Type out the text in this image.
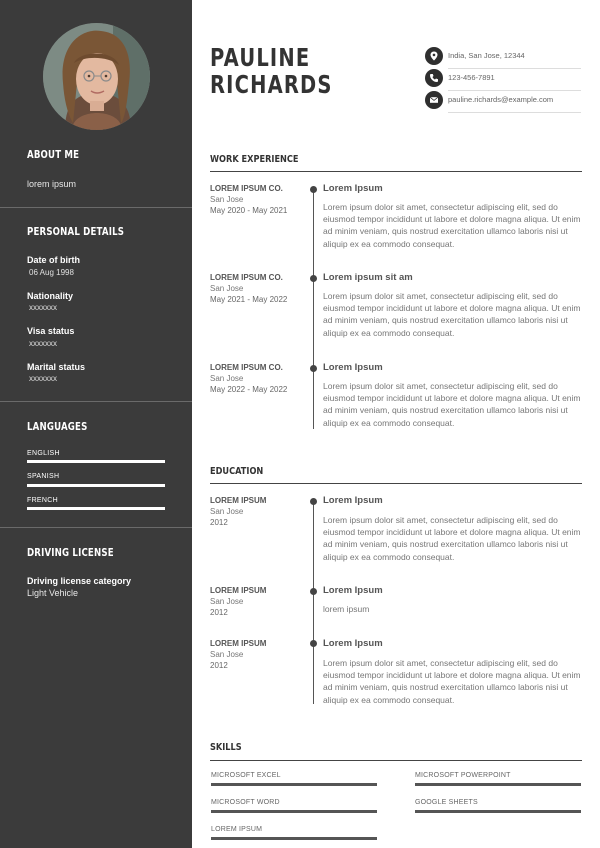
ABOUT ME
lorem ipsum
PERSONAL DETAILS
Date of birth
06 Aug 1998
Nationality
xxxxxxx
Visa status
xxxxxxx
Marital status
xxxxxxx
LANGUAGES
ENGLISH
SPANISH
FRENCH
DRIVING LICENSE
Driving license category
Light Vehicle
PAULINE
RICHARDS
India, San Jose, 12344
123-456-7891
pauline.richards@example.com
WORK EXPERIENCE
LOREM IPSUM CO.
San Jose
May 2020 - May 2021
Lorem Ipsum
Lorem ipsum dolor sit amet, consectetur adipiscing elit, sed do eiusmod tempor incididunt ut labore et dolore magna aliqua. Ut enim ad minim veniam, quis nostrud exercitation ullamco laboris nisi ut aliquip ex ea commodo consequat.
LOREM IPSUM CO.
San Jose
May 2021 - May 2022
Lorem ipsum sit am
Lorem ipsum dolor sit amet, consectetur adipiscing elit, sed do eiusmod tempor incididunt ut labore et dolore magna aliqua. Ut enim ad minim veniam, quis nostrud exercitation ullamco laboris nisi ut aliquip ex ea commodo consequat.
LOREM IPSUM CO.
San Jose
May 2022 - May 2022
Lorem Ipsum
Lorem ipsum dolor sit amet, consectetur adipiscing elit, sed do eiusmod tempor incididunt ut labore et dolore magna aliqua. Ut enim ad minim veniam, quis nostrud exercitation ullamco laboris nisi ut aliquip ex ea commodo consequat.
EDUCATION
LOREM IPSUM
San Jose
2012
Lorem Ipsum
Lorem ipsum dolor sit amet, consectetur adipiscing elit, sed do eiusmod tempor incididunt ut labore et dolore magna aliqua. Ut enim ad minim veniam, quis nostrud exercitation ullamco laboris nisi ut aliquip ex ea commodo consequat.
LOREM IPSUM
San Jose
2012
Lorem Ipsum
lorem ipsum
LOREM IPSUM
San Jose
2012
Lorem Ipsum
Lorem ipsum dolor sit amet, consectetur adipiscing elit, sed do eiusmod tempor incididunt ut labore et dolore magna aliqua. Ut enim ad minim veniam, quis nostrud exercitation ullamco laboris nisi ut aliquip ex ea commodo consequat.
SKILLS
MICROSOFT EXCEL	MICROSOFT POWERPOINT
MICROSOFT WORD	GOOGLE SHEETS
LOREM IPSUM
